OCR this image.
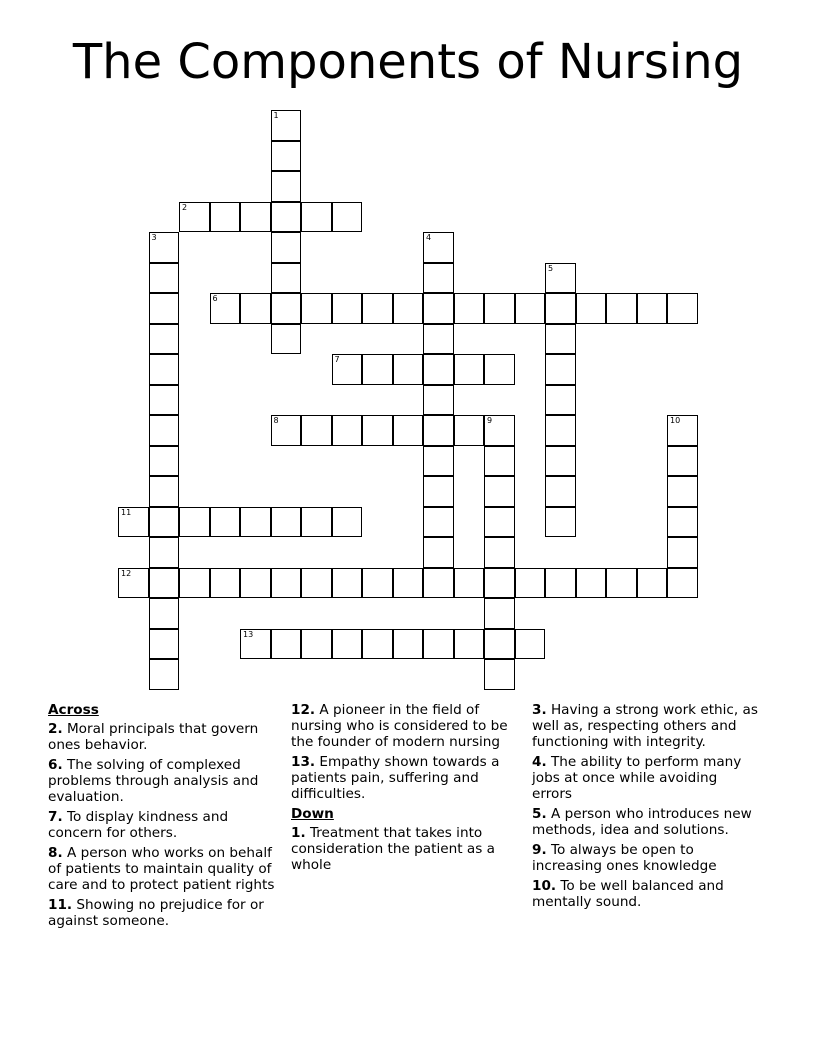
The Components of Nursing
1
2
3	4
5
6
7
8	9	10
11
12
13
Across
2. Moral principals that govern ones behavior.
6. The solving of complexed problems through analysis and evaluation.
7. To display kindness and concern for others.
8. A person who works on behalf of patients to maintain quality of care and to protect patient rights
11. Showing no prejudice for or against someone.
12. A pioneer in the field of nursing who is considered to be the founder of modern nursing
13. Empathy shown towards a patients pain, suffering and difficulties.
Down
1. Treatment that takes into consideration the patient as a whole
3. Having a strong work ethic, as well as, respecting others and functioning with integrity.
4. The ability to perform many jobs at once while avoiding errors
5. A person who introduces new methods, idea and solutions.
9. To always be open to increasing ones knowledge
10. To be well balanced and mentally sound.
